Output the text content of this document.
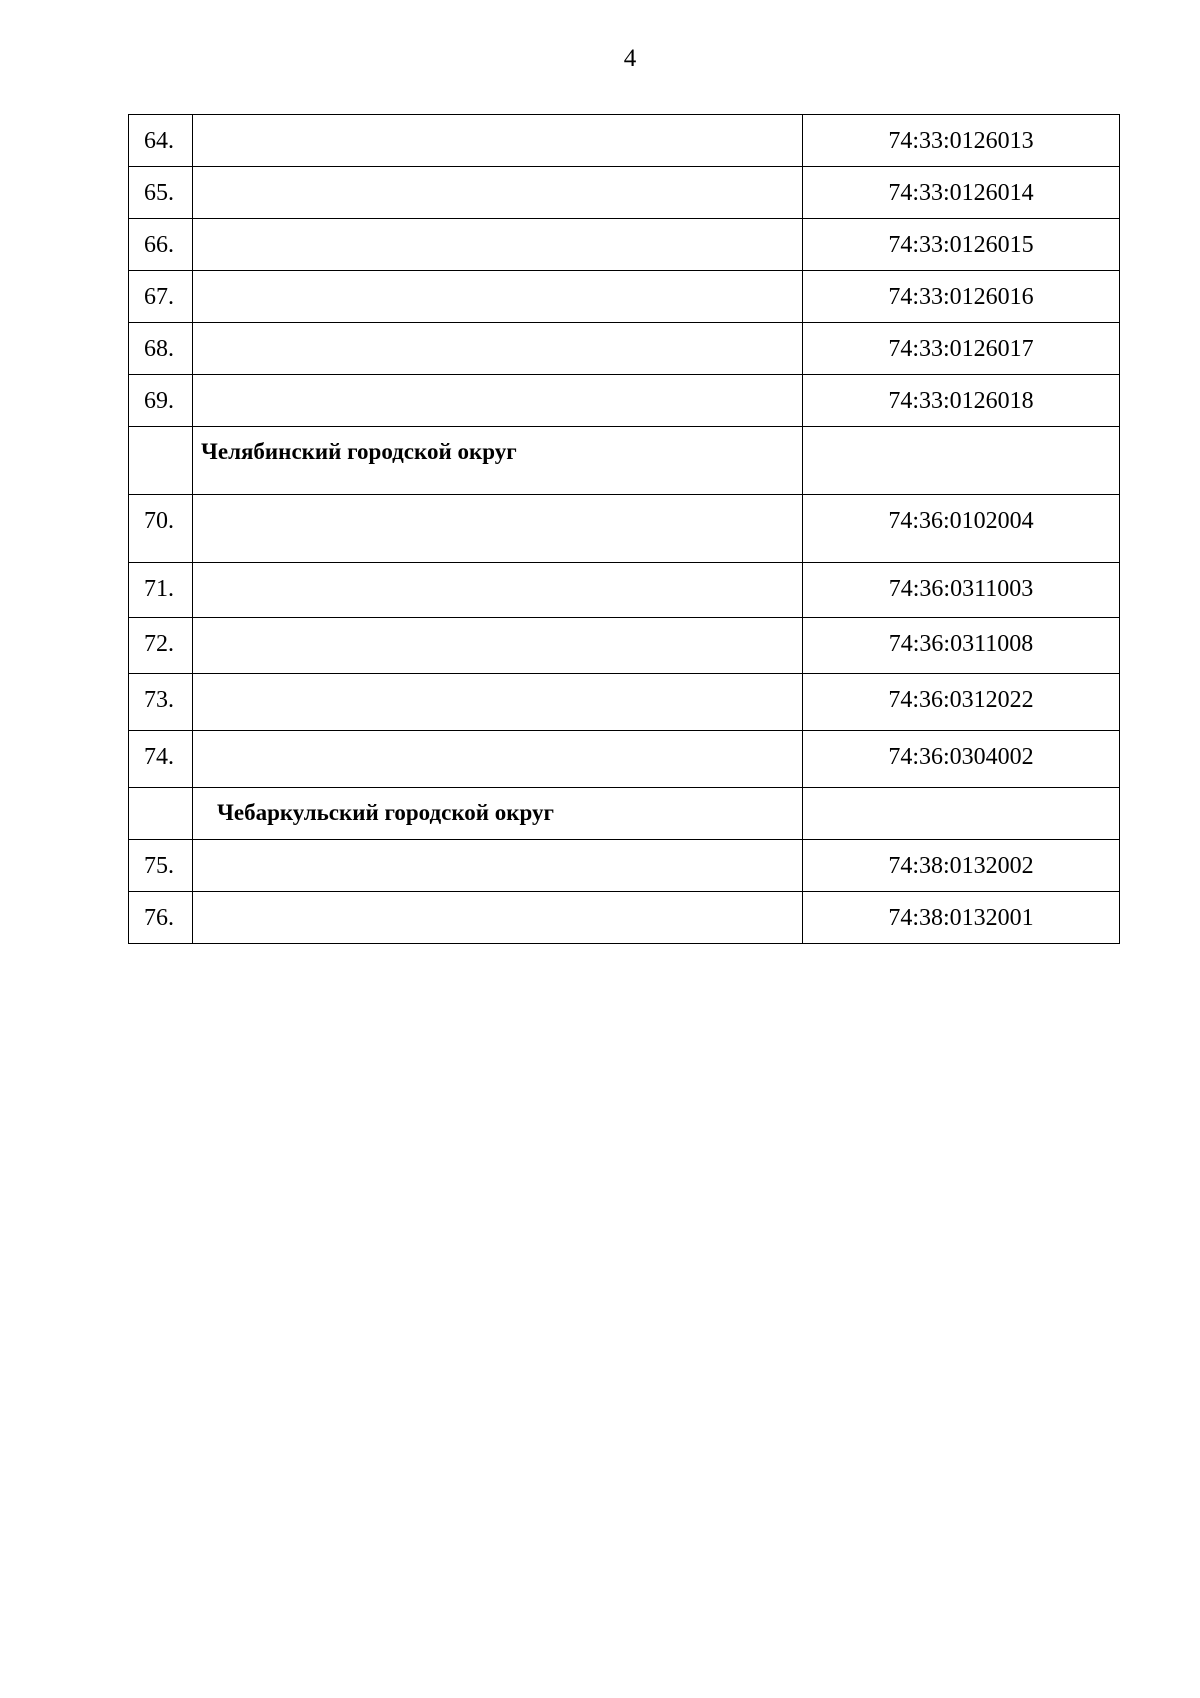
4
64.		74:33:0126013
65.		74:33:0126014
66.		74:33:0126015
67.		74:33:0126016
68.		74:33:0126017
69.		74:33:0126018
	Челябинский городской округ	
70.		74:36:0102004
71.		74:36:0311003
72.		74:36:0311008
73.		74:36:0312022
74.		74:36:0304002
	Чебаркульский городской округ	
75.		74:38:0132002
76.		74:38:0132001
